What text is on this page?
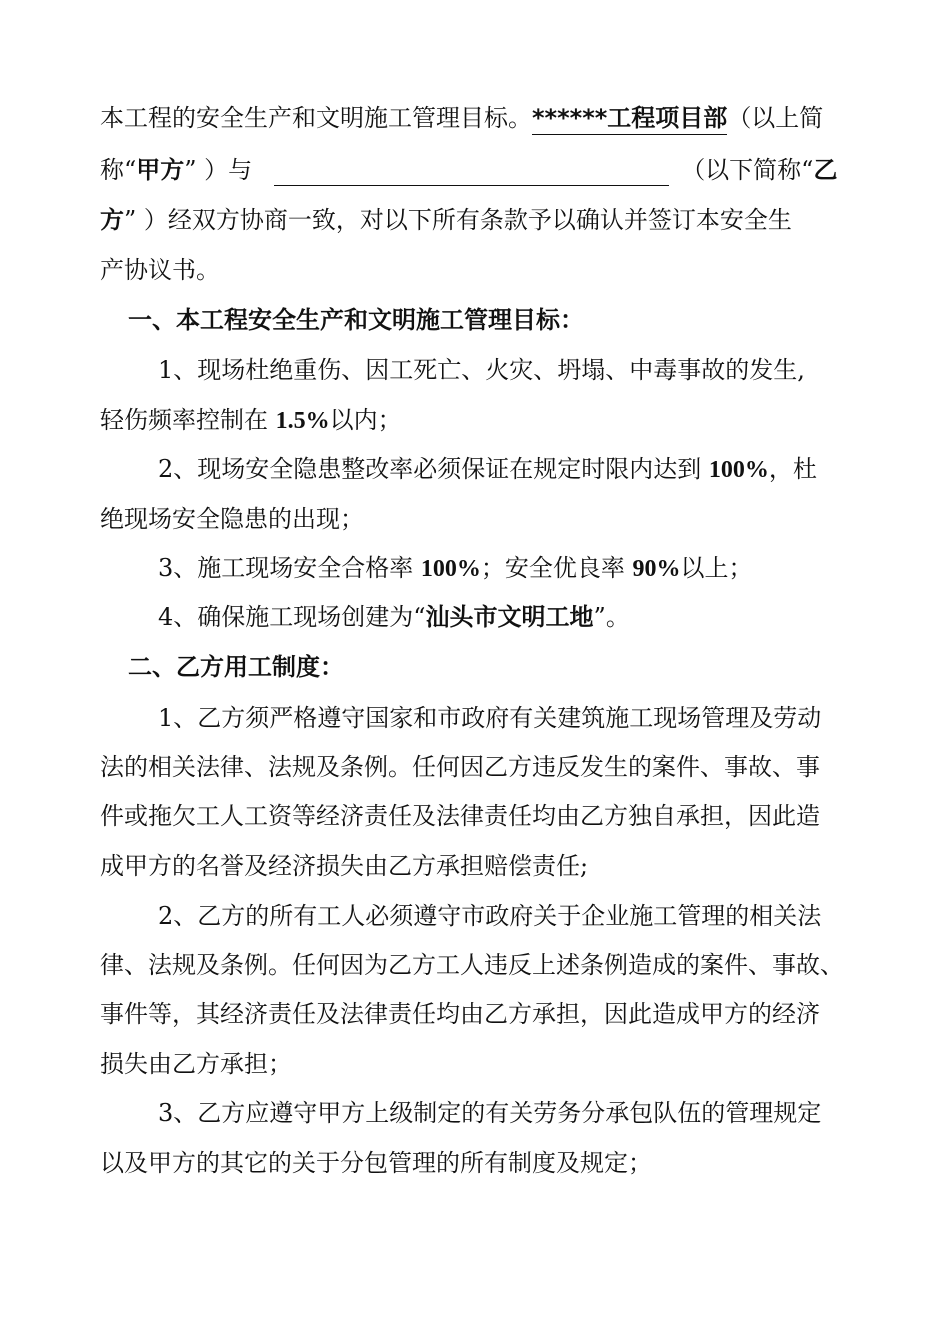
本工程的安全生产和文明施工管理目标。******工程项目部（以上简
称“甲方” ）与	（以下简称“乙
方” ）经双方协商一致，对以下所有条款予以确认并签订本安全生
产协议书。
一、本工程安全生产和文明施工管理目标：
1、现场杜绝重伤、因工死亡、火灾、坍塌、中毒事故的发生,
轻伤频率控制在 1.5%以内；
2、现场安全隐患整改率必须保证在规定时限内达到 100%，杜
绝现场安全隐患的出现；
3、施工现场安全合格率 100%；安全优良率 90%以上；
4、确保施工现场创建为“汕头市文明工地”。
二、乙方用工制度：
1、乙方须严格遵守国家和市政府有关建筑施工现场管理及劳动
法的相关法律、法规及条例。任何因乙方违反发生的案件、事故、事
件或拖欠工人工资等经济责任及法律责任均由乙方独自承担，因此造
成甲方的名誉及经济损失由乙方承担赔偿责任;
2、乙方的所有工人必须遵守市政府关于企业施工管理的相关法
律、法规及条例。任何因为乙方工人违反上述条例造成的案件、事故、
事件等，其经济责任及法律责任均由乙方承担，因此造成甲方的经济
损失由乙方承担；
3、乙方应遵守甲方上级制定的有关劳务分承包队伍的管理规定
以及甲方的其它的关于分包管理的所有制度及规定；
